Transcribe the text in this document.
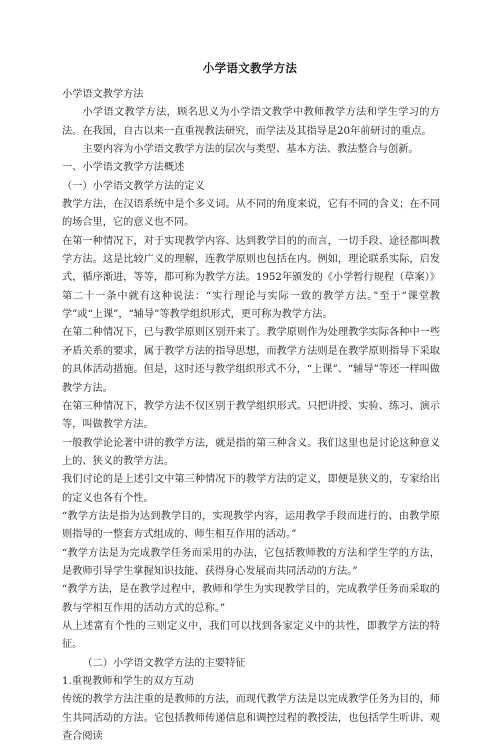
小学语文教学方法

小学语文教学方法

小学语文教学方法，顾名思义为小学语文教学中教师教学方法和学生学习的方法。在我国，自古以来一直重视教法研究，而学法及其指导是20年前研讨的重点。

主要内容为小学语文教学方法的层次与类型、基本方法、教法整合与创新。

一、小学语文教学方法概述

（一）小学语文教学方法的定义

教学方法，在汉语系统中是个多义词。从不同的角度来说，它有不同的含义；在不同的场合里，它的意义也不同。

在第一种情况下，对于实现教学内容、达到教学目的的而言，一切手段、途径都叫教学方法。这是比较广义的理解，连教学原则也包括在内。例如，理论联系实际，启发式，循序渐进，等等，都可称为教学方法。1952年颁发的《小学暂行规程（草案）》第二十一条中就有这种说法：“实行理论与实际一致的教学方法。”至于“课堂教学”或“上课”，“辅导”等教学组织形式，更可称为教学方法。

在第二种情况下，已与教学原则区别开来了。教学原则作为处理教学实际各种中一些矛盾关系的要求，属于教学方法的指导思想，而教学方法则是在教学原则指导下采取的具体活动措施。但是，这时还与教学组织形式不分，“上课”、“辅导”等还一样叫做教学方法。

在第三种情况下，教学方法不仅区别于教学组织形式。只把讲授、实验、练习、演示等，叫做教学方法。

一般教学论论著中讲的教学方法，就是指的第三种含义。我们这里也是讨论这种意义上的、狭义的教学方法。

我们讨论的是上述引文中第三种情况下的教学方法的定义，即便是狭义的，专家给出的定义也各有个性。

“教学方法是指为达到教学目的，实现教学内容，运用教学手段而进行的、由教学原则指导的一整套方式组成的、师生相互作用的活动。”

“教学方法是为完成教学任务而采用的办法，它包括教师教的方法和学生学的方法，是教师引导学生掌握知识技能、获得身心发展而共同活动的方法。”

“教学方法，是在教学过程中，教师和学生为实现教学目的，完成教学任务而采取的教与学相互作用的活动方式的总称。”

从上述富有个性的三则定义中，我们可以找到各家定义中的共性，即教学方法的特征。

（二）小学语文教学方法的主要特征

1.重视教师和学生的双方互动

传统的教学方法注重的是教师的方法，而现代教学方法是以完成教学任务为目的，师生共同活动的方法。它包括教师传递信息和调控过程的教授法，也包括学生听讲、观查合阅读
